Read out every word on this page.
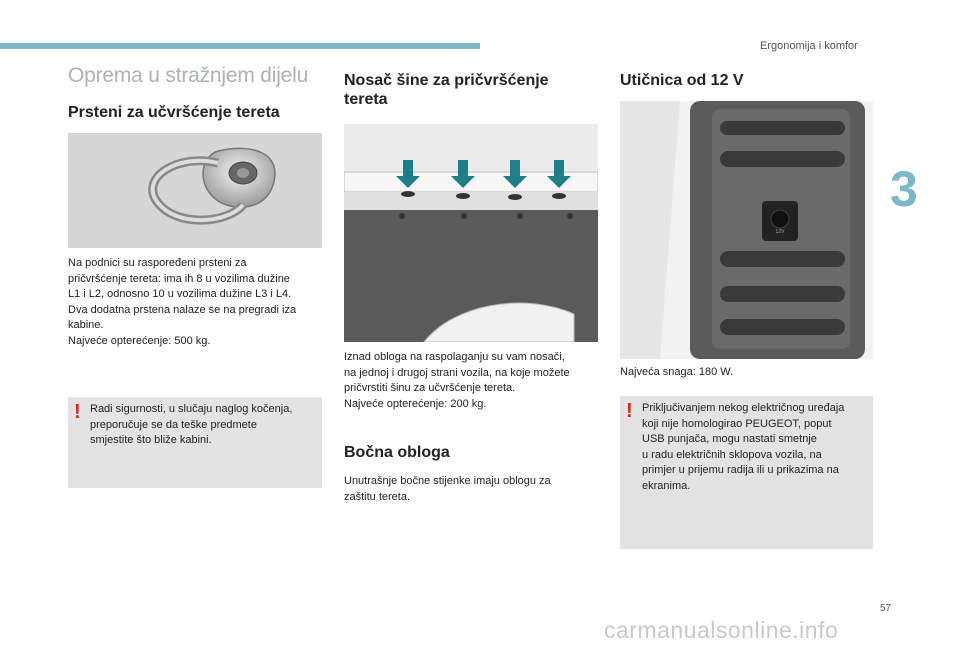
Ergonomija i komfor
3
Oprema u stražnjem dijelu
Prsteni za učvršćenje tereta
Na podnici su raspoređeni prsteni za
pričvršćenje tereta: ima ih 8 u vozilima dužine
L1 i L2, odnosno 10 u vozilima dužine L3 i L4.
Dva dodatna prstena nalaze se na pregradi iza
kabine.
Najveće opterećenje: 500 kg.
! Radi sigurnosti, u slučaju naglog kočenja,
preporučuje se da teške predmete
smjestite što bliže kabini.
Nosač šine za pričvršćenje
tereta
Iznad obloga na raspolaganju su vam nosači,
na jednoj i drugoj strani vozila, na koje možete
pričvrstiti šinu za učvršćenje tereta.
Najveće opterećenje: 200 kg.
Bočna obloga
Unutrašnje bočne stijenke imaju oblogu za
zaštitu tereta.
Utičnica od 12 V
12V
Najveća snaga: 180 W.
! Priključivanjem nekog električnog uređaja
koji nije homologirao PEUGEOT, poput
USB punjača, mogu nastati smetnje
u radu električnih sklopova vozila, na
primjer u prijemu radija ili u prikazima na
ekranima.
57
carmanualsonline.info
